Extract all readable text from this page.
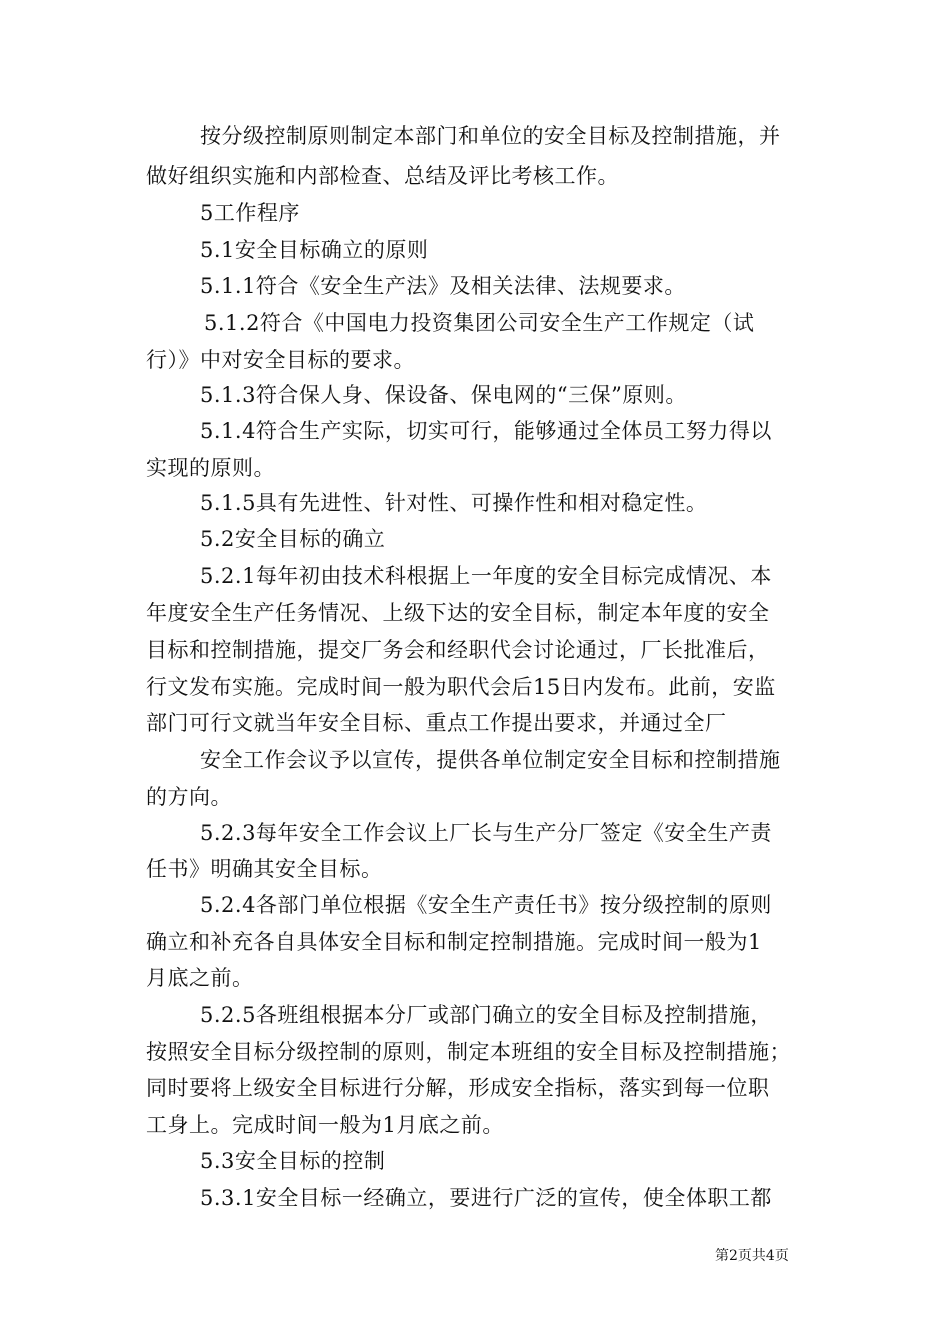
按分级控制原则制定本部门和单位的安全目标及控制措施，并
做好组织实施和内部检查、总结及评比考核工作。
5工作程序
5.1安全目标确立的原则
5.1.1符合《安全生产法》及相关法律、法规要求。
5.1.2符合《中国电力投资集团公司安全生产工作规定（试
行）》中对安全目标的要求。
5.1.3符合保人身、保设备、保电网的“三保”原则。
5.1.4符合生产实际，切实可行，能够通过全体员工努力得以
实现的原则。
5.1.5具有先进性、针对性、可操作性和相对稳定性。
5.2安全目标的确立
5.2.1每年初由技术科根据上一年度的安全目标完成情况、本
年度安全生产任务情况、上级下达的安全目标，制定本年度的安全
目标和控制措施，提交厂务会和经职代会讨论通过，厂长批准后，
行文发布实施。完成时间一般为职代会后15日内发布。此前，安监
部门可行文就当年安全目标、重点工作提出要求，并通过全厂
安全工作会议予以宣传，提供各单位制定安全目标和控制措施
的方向。
5.2.3每年安全工作会议上厂长与生产分厂签定《安全生产责
任书》明确其安全目标。
5.2.4各部门单位根据《安全生产责任书》按分级控制的原则
确立和补充各自具体安全目标和制定控制措施。完成时间一般为1
月底之前。
5.2.5各班组根据本分厂或部门确立的安全目标及控制措施，
按照安全目标分级控制的原则，制定本班组的安全目标及控制措施；
同时要将上级安全目标进行分解，形成安全指标，落实到每一位职
工身上。完成时间一般为1月底之前。
5.3安全目标的控制
5.3.1安全目标一经确立，要进行广泛的宣传，使全体职工都
第2页共4页
